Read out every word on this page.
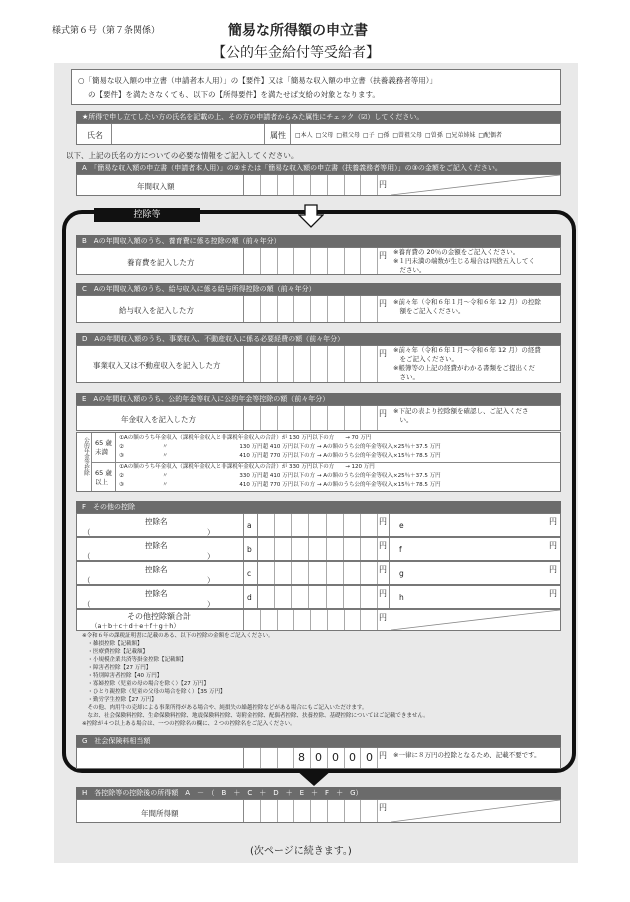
様式第６号（第７条関係）	簡易な所得額の申立書
【公的年金給付等受給者】
○「簡易な収入額の申立書（申請者本人用）」の【要件】又は「簡易な収入額の申立書（扶養義務者等用）」
の【要件】を満たさなくても、以下の【所得要件】を満たせば支給の対象となります。
★所得で申し立てしたい方の氏名を記載の上、その方の申請者からみた属性にチェック（☑）してください。
氏名	属性 □本人 □父母 □祖父母 □子 □孫 □曽祖父母 □曽孫 □兄弟姉妹 □配偶者
以下、上記の氏名の方についての必要な情報をご記入してください。
A　「簡易な収入額の申立書（申請者本人用）」の②または「簡易な収入額の申立書（扶養義務者等用）」の③の金額をご記入ください。
年間収入額	円
控除等
B　Aの年間収入額のうち、養育費に係る控除の額（前々年分）
養育費を記入した方
円 ※養育費の 20％の金額をご記入ください。
※１円未満の端数が生じる場合は四捨五入してく
　ださい。
C　Aの年間収入額のうち、給与収入に係る給与所得控除の額（前々年分）
給与収入を記入した方
円 ※前々年（令和６年１月～令和６年 12 月）の控除
　額をご記入ください。
D　Aの年間収入額のうち、事業収入、不動産収入に係る必要経費の額（前々年分）
事業収入又は不動産収入を記入した方
円 ※前々年（令和６年１月～令和６年 12 月）の経費
　をご記入ください。
※帳簿等の上記の経費がわかる書類をご提出くだ
　さい。
E　Aの年間収入額のうち、公的年金等収入に公的年金等控除の額（前々年分）
年金収入を記入した方
円 ※下記の表より控除額を確認し、ご記入くださ
　い。
公的年金等控除 65 歳
未満
65 歳
以上
①Aの額のうち年金収入（課税年金収入と非課税年金収入の合計）が 130 万円以下の方　　→ 70 万円
②　　　　　　　〃　　　　　　　　　　　　　130 万円超 410 万円以下の方 → Aの額のうち公的年金等収入×25％＋37.5 万円
③　　　　　　　〃　　　　　　　　　　　　　410 万円超 770 万円以下の方 → Aの額のうち公的年金等収入×15％＋78.5 万円
①Aの額のうち年金収入（課税年金収入と非課税年金収入の合計）が 330 万円以下の方　　→ 120 万円
②　　　　　　　〃　　　　　　　　　　　　　330 万円超 410 万円以下の方 → Aの額のうち公的年金等収入×25％＋37.5 万円
③　　　　　　　〃　　　　　　　　　　　　　410 万円超 770 万円以下の方 → Aの額のうち公的年金等収入×15％＋78.5 万円
F　その他の控除
控除名
（	）
a	円 e	円
控除名
（	）
b	円 f	円
控除名
（	）
c	円 g	円
控除名
（	）
d	円 h	円
その他控除額合計
（a＋b＋c＋d＋e＋f＋g＋h）
円
※令和６年の課税証明書に記載のある、以下の控除の金額をご記入ください。
　・雑損控除【記載額】
　・医療費控除【記載額】
　・小規模企業共済等掛金控除【記載額】
　・障害者控除【27 万円】
　・特別障害者控除【40 万円】
　・寡婦控除（児童の母の場合を除く）【27 万円】
　・ひとり親控除（児童の父母の場合を除く）【35 万円】
　・勤労学生控除【27 万円】
　その他、肉用牛の売却による事業所得がある場合や、純損失の繰越控除などがある場合にもご記入いただけます。
　なお、社会保険料控除、生命保険料控除、地震保険料控除、寄附金控除、配偶者控除、扶養控除、基礎控除についてはご記載できません。
※控除が４つ以上ある場合は、一つの控除名の欄に、２つの控除名をご記入ください。
G　社会保険料相当額
8 0 0 0 0 円 ※一律に８万円の控除となるため、記載不要です。
H　各控除等の控除後の所得額　A　－　（　B　＋　C　＋　D　＋　E　＋　F　＋　G）
年間所得額
円
(次ページに続きます。)
